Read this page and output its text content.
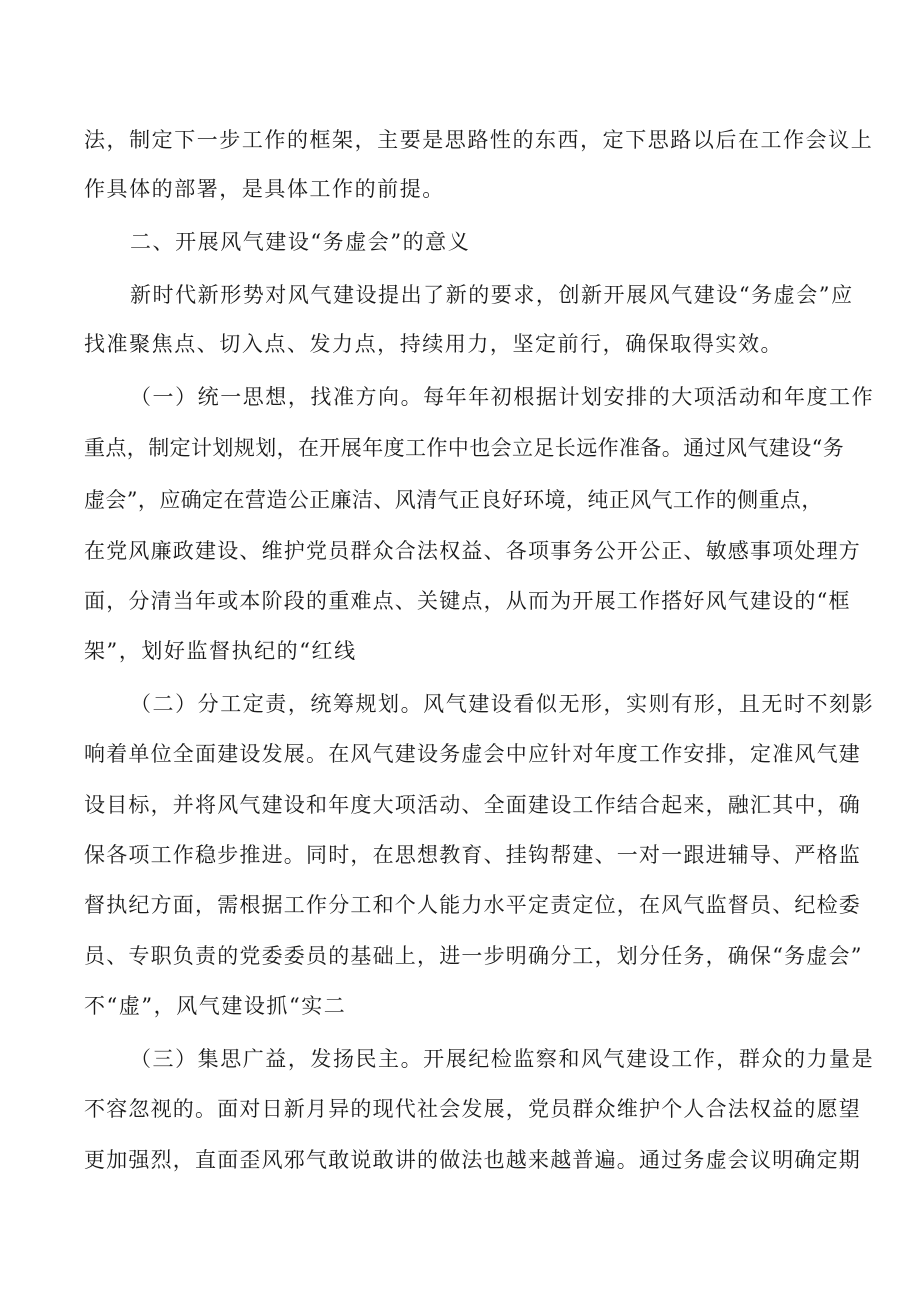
法，制定下一步工作的框架，主要是思路性的东西，定下思路以后在工作会议上
作具体的部署，是具体工作的前提。
二、开展风气建设“务虚会”的意义
新时代新形势对风气建设提出了新的要求，创新开展风气建设“务虚会”应
找准聚焦点、切入点、发力点，持续用力，坚定前行，确保取得实效。
（一）统一思想，找准方向。每年年初根据计划安排的大项活动和年度工作
重点，制定计划规划，在开展年度工作中也会立足长远作准备。通过风气建设“务
虚会”，应确定在营造公正廉洁、风清气正良好环境，纯正风气工作的侧重点，
在党风廉政建设、维护党员群众合法权益、各项事务公开公正、敏感事项处理方
面，分清当年或本阶段的重难点、关键点，从而为开展工作搭好风气建设的“框
架”，划好监督执纪的“红线
（二）分工定责，统筹规划。风气建设看似无形，实则有形，且无时不刻影
响着单位全面建设发展。在风气建设务虚会中应针对年度工作安排，定准风气建
设目标，并将风气建设和年度大项活动、全面建设工作结合起来，融汇其中，确
保各项工作稳步推进。同时，在思想教育、挂钩帮建、一对一跟进辅导、严格监
督执纪方面，需根据工作分工和个人能力水平定责定位，在风气监督员、纪检委
员、专职负责的党委委员的基础上，进一步明确分工，划分任务，确保“务虚会”
不“虚”，风气建设抓“实二
（三）集思广益，发扬民主。开展纪检监察和风气建设工作，群众的力量是
不容忽视的。面对日新月异的现代社会发展，党员群众维护个人合法权益的愿望
更加强烈，直面歪风邪气敢说敢讲的做法也越来越普遍。通过务虚会议明确定期
